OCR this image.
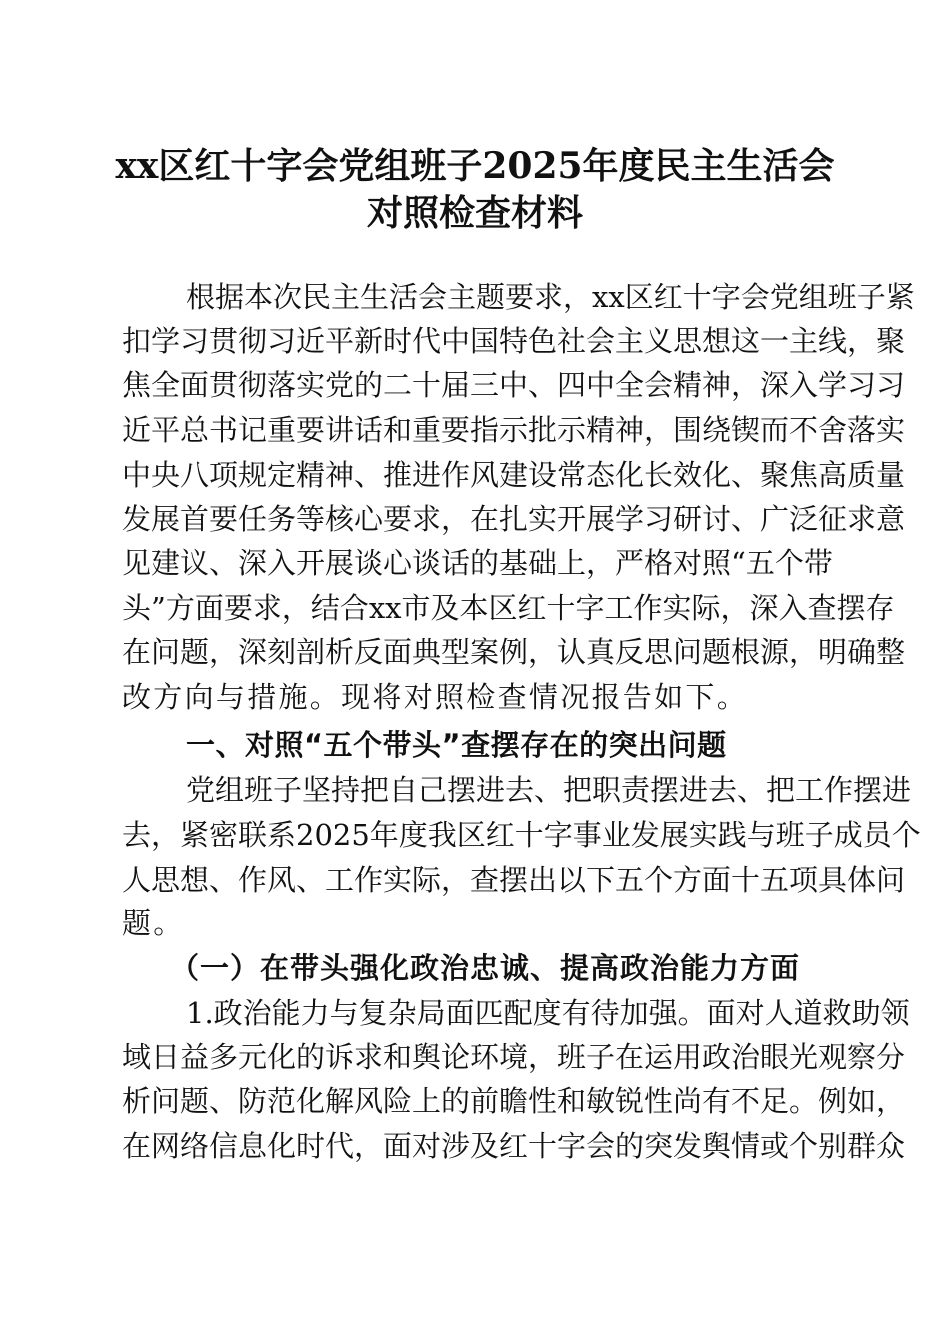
xx区红十字会党组班子2025年度民主生活会
对照检查材料
根据本次民主生活会主题要求，xx区红十字会党组班子紧
扣学习贯彻习近平新时代中国特色社会主义思想这一主线，聚
焦全面贯彻落实党的二十届三中、四中全会精神，深入学习习
近平总书记重要讲话和重要指示批示精神，围绕锲而不舍落实
中央八项规定精神、推进作风建设常态化长效化、聚焦高质量
发展首要任务等核心要求，在扎实开展学习研讨、广泛征求意
见建议、深入开展谈心谈话的基础上，严格对照“五个带
头”方面要求，结合xx市及本区红十字工作实际，深入查摆存
在问题，深刻剖析反面典型案例，认真反思问题根源，明确整
改方向与措施。现将对照检查情况报告如下。
一、对照“五个带头”查摆存在的突出问题
党组班子坚持把自己摆进去、把职责摆进去、把工作摆进
去，紧密联系2025年度我区红十字事业发展实践与班子成员个
人思想、作风、工作实际，查摆出以下五个方面十五项具体问
题。
（一）在带头强化政治忠诚、提高政治能力方面
1.政治能力与复杂局面匹配度有待加强。面对人道救助领
域日益多元化的诉求和舆论环境，班子在运用政治眼光观察分
析问题、防范化解风险上的前瞻性和敏锐性尚有不足。例如，
在网络信息化时代，面对涉及红十字会的突发舆情或个别群众
